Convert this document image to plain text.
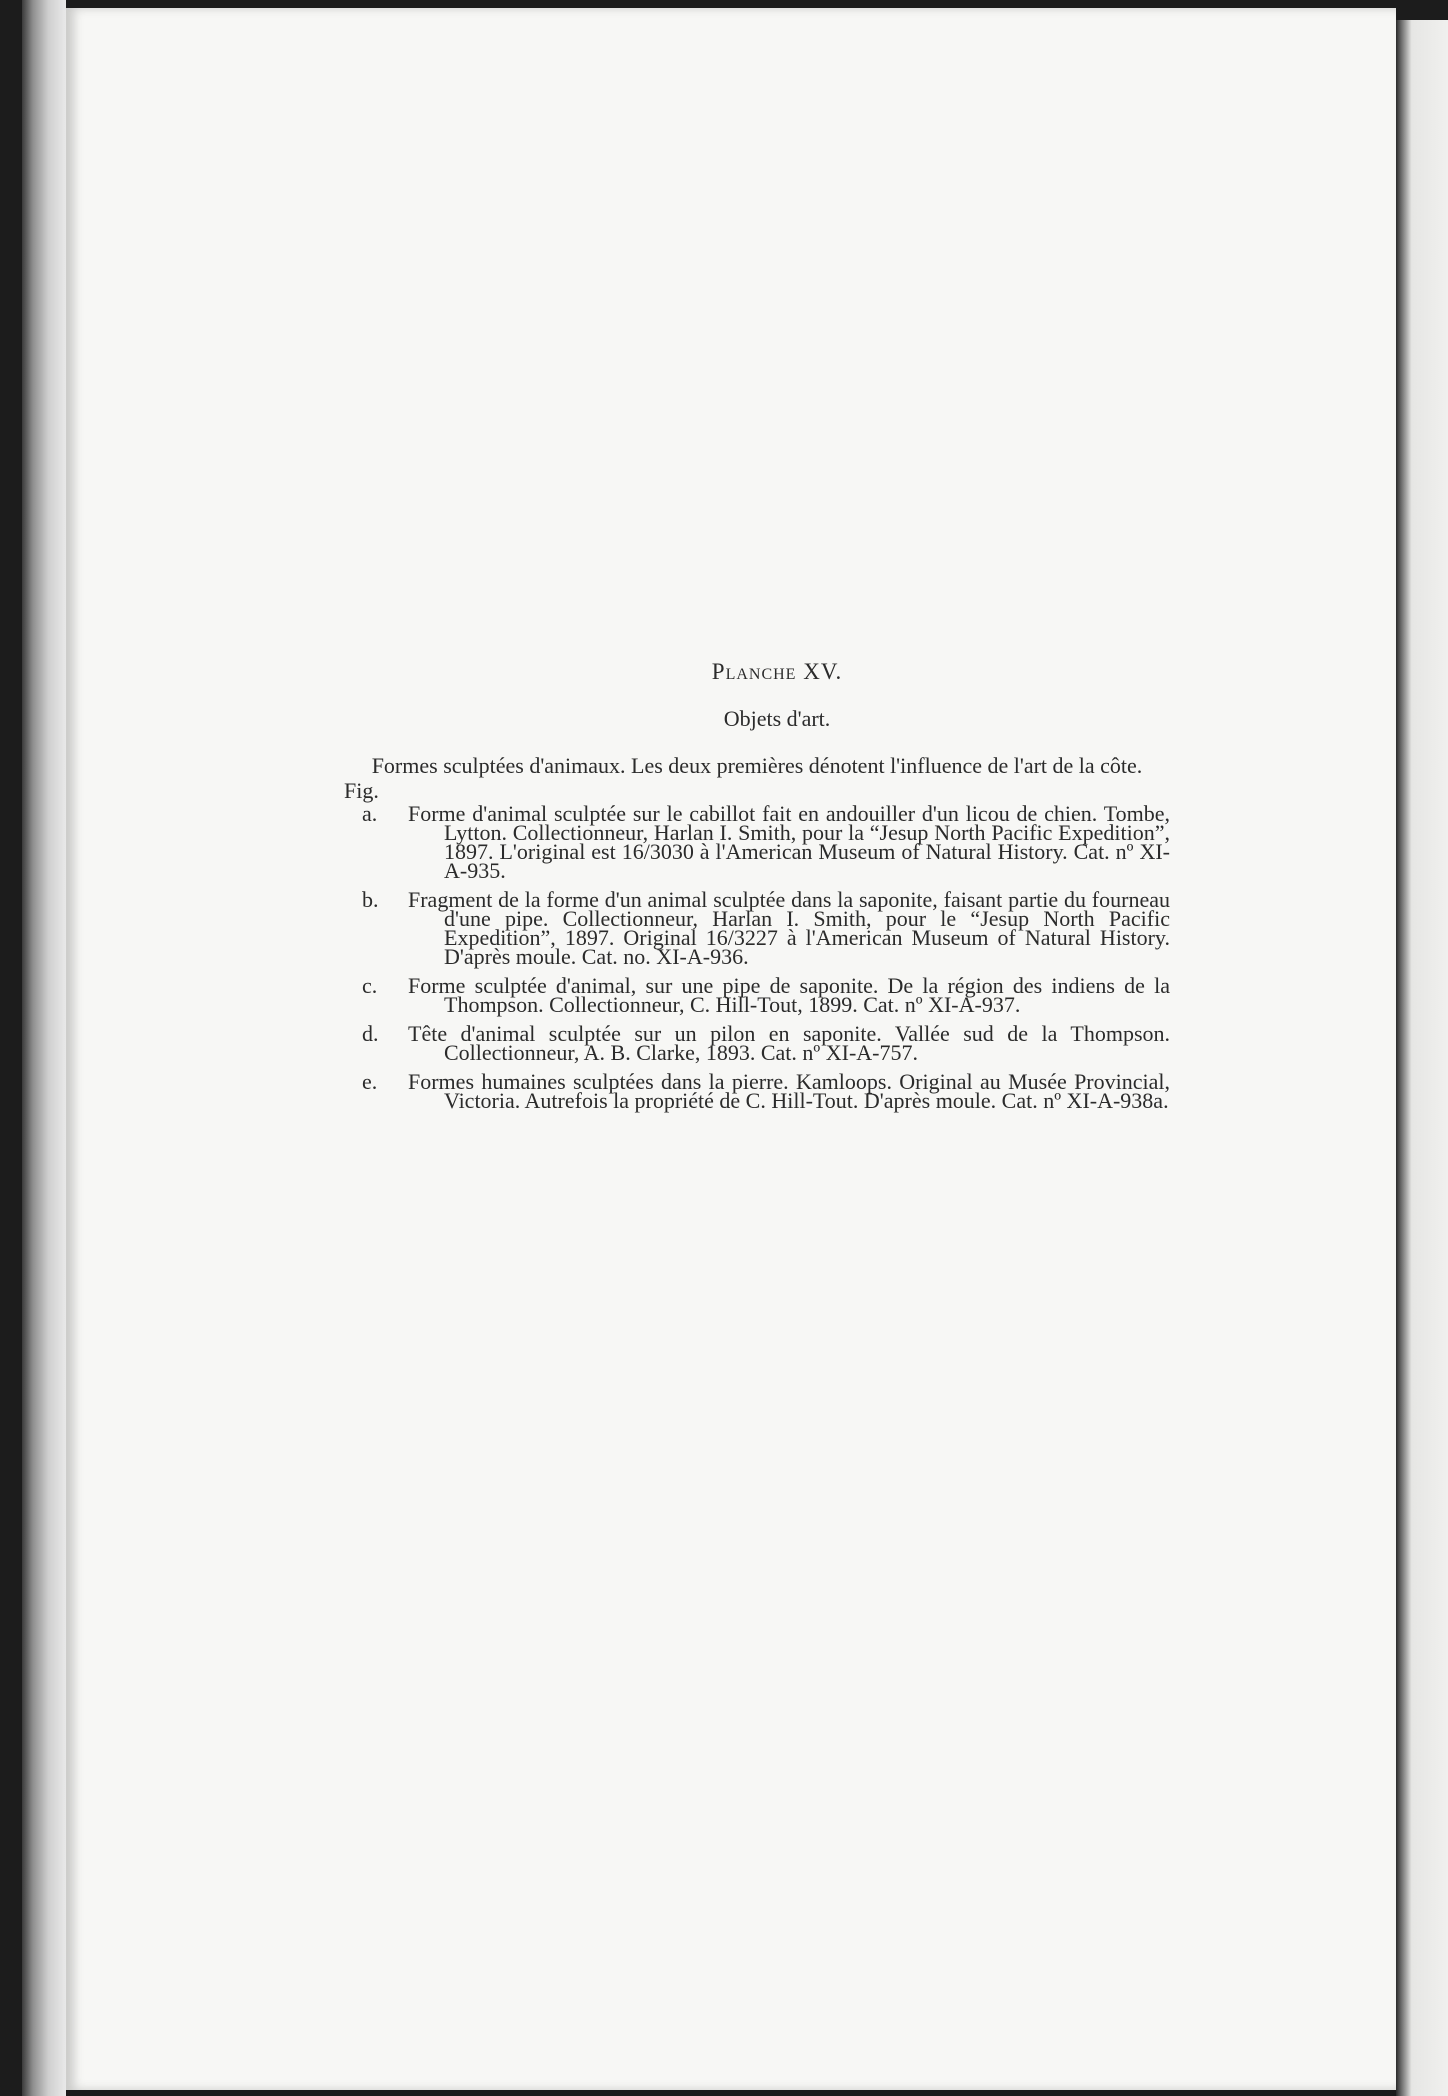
Planche XV.
Objets d'art.
Formes sculptées d'animaux. Les deux premières dénotent l'influence de l'art de la côte.
Fig.
a. Forme d'animal sculptée sur le cabillot fait en andouiller d'un licou de chien. Tombe, Lytton. Collectionneur, Harlan I. Smith, pour la “Jesup North Pacific Expedition”, 1897. L'original est 16/3030 à l'American Museum of Natural History. Cat. nº XI-A-935.
b. Fragment de la forme d'un animal sculptée dans la saponite, faisant partie du fourneau d'une pipe. Collectionneur, Harlan I. Smith, pour le “Jesup North Pacific Expedition”, 1897. Original 16/3227 à l'American Museum of Natural History. D'après moule. Cat. no. XI-A-936.
c. Forme sculptée d'animal, sur une pipe de saponite. De la région des indiens de la Thompson. Collectionneur, C. Hill-Tout, 1899. Cat. nº XI-A-937.
d. Tête d'animal sculptée sur un pilon en saponite. Vallée sud de la Thompson. Collectionneur, A. B. Clarke, 1893. Cat. nº XI-A-757.
e. Formes humaines sculptées dans la pierre. Kamloops. Original au Musée Provincial, Victoria. Autrefois la propriété de C. Hill-Tout. D'après moule. Cat. nº XI-A-938a.
